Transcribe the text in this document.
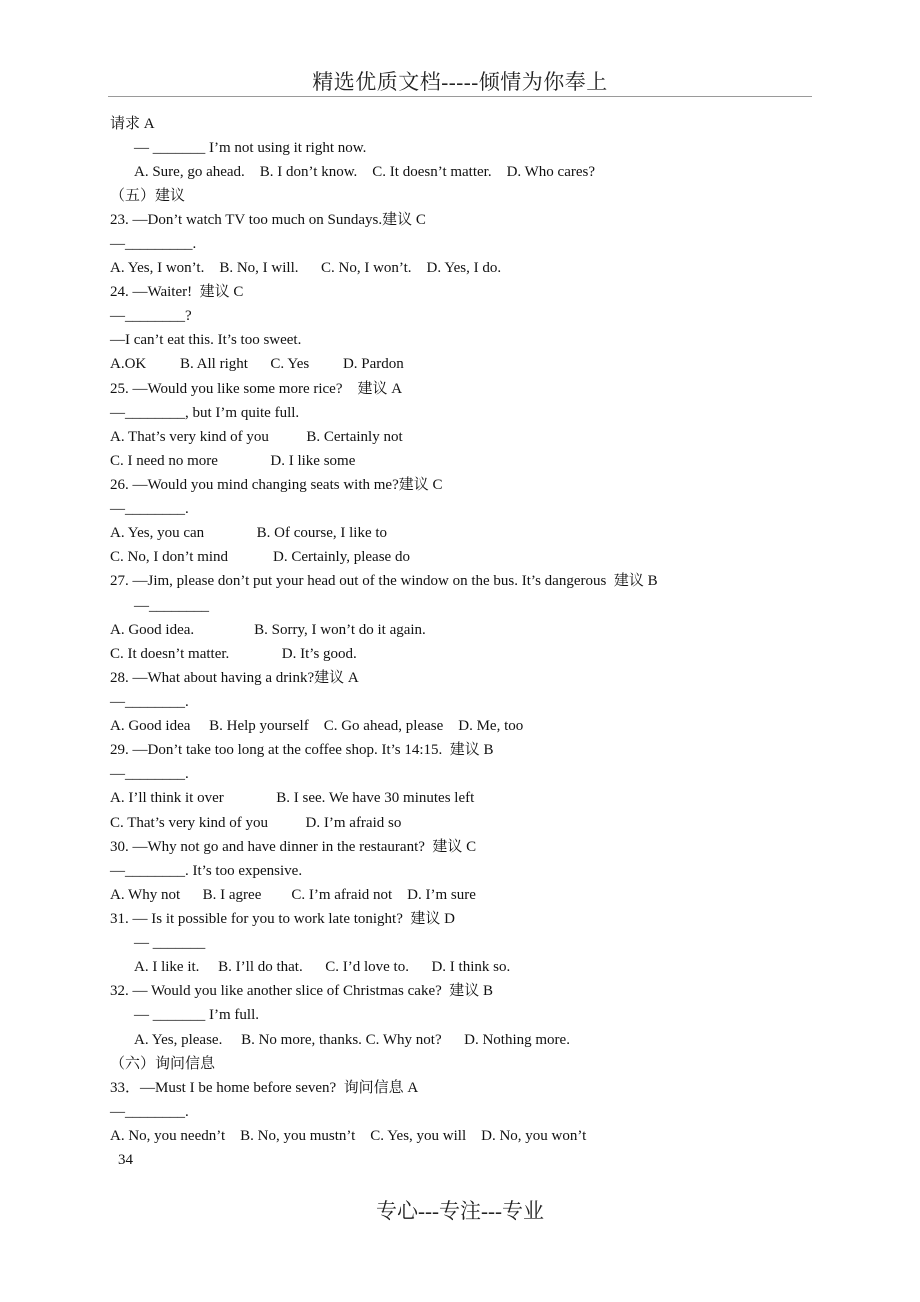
精选优质文档-----倾情为你奉上
请求 A
— _______ I’m not using it right now.
A. Sure, go ahead.    B. I don’t know.    C. It doesn’t matter.    D. Who cares?
（五）建议
23. —Don’t watch TV too much on Sundays.建议 C
—_________.
A. Yes, I won’t.    B. No, I will.      C. No, I won’t.    D. Yes, I do.
24. —Waiter!  建议 C
—________?
—I can’t eat this. It’s too sweet.
A.OK         B. All right      C. Yes         D. Pardon
25. —Would you like some more rice?    建议 A
—________, but I’m quite full.
A. That’s very kind of you          B. Certainly not
C. I need no more              D. I like some
26. —Would you mind changing seats with me?建议 C
—________.
A. Yes, you can              B. Of course, I like to
C. No, I don’t mind            D. Certainly, please do
27. —Jim, please don’t put your head out of the window on the bus. It’s dangerous  建议 B
—________
A. Good idea.                B. Sorry, I won’t do it again.
C. It doesn’t matter.              D. It’s good.
28. —What about having a drink?建议 A
—________.
A. Good idea     B. Help yourself    C. Go ahead, please    D. Me, too
29. —Don’t take too long at the coffee shop. It’s 14:15.  建议 B
—________.
A. I’ll think it over              B. I see. We have 30 minutes left
C. That’s very kind of you          D. I’m afraid so
30. —Why not go and have dinner in the restaurant?  建议 C
—________. It’s too expensive.
A. Why not      B. I agree        C. I’m afraid not    D. I’m sure
31. — Is it possible for you to work late tonight?  建议 D
— _______
A. I like it.     B. I’ll do that.      C. I’d love to.      D. I think so.
32. — Would you like another slice of Christmas cake?  建议 B
— _______ I’m full.
A. Yes, please.     B. No more, thanks. C. Why not?      D. Nothing more.
（六）询问信息
33．—Must I be home before seven?  询问信息 A
—________.
A. No, you needn’t    B. No, you mustn’t    C. Yes, you will    D. No, you won’t
34
专心---专注---专业
